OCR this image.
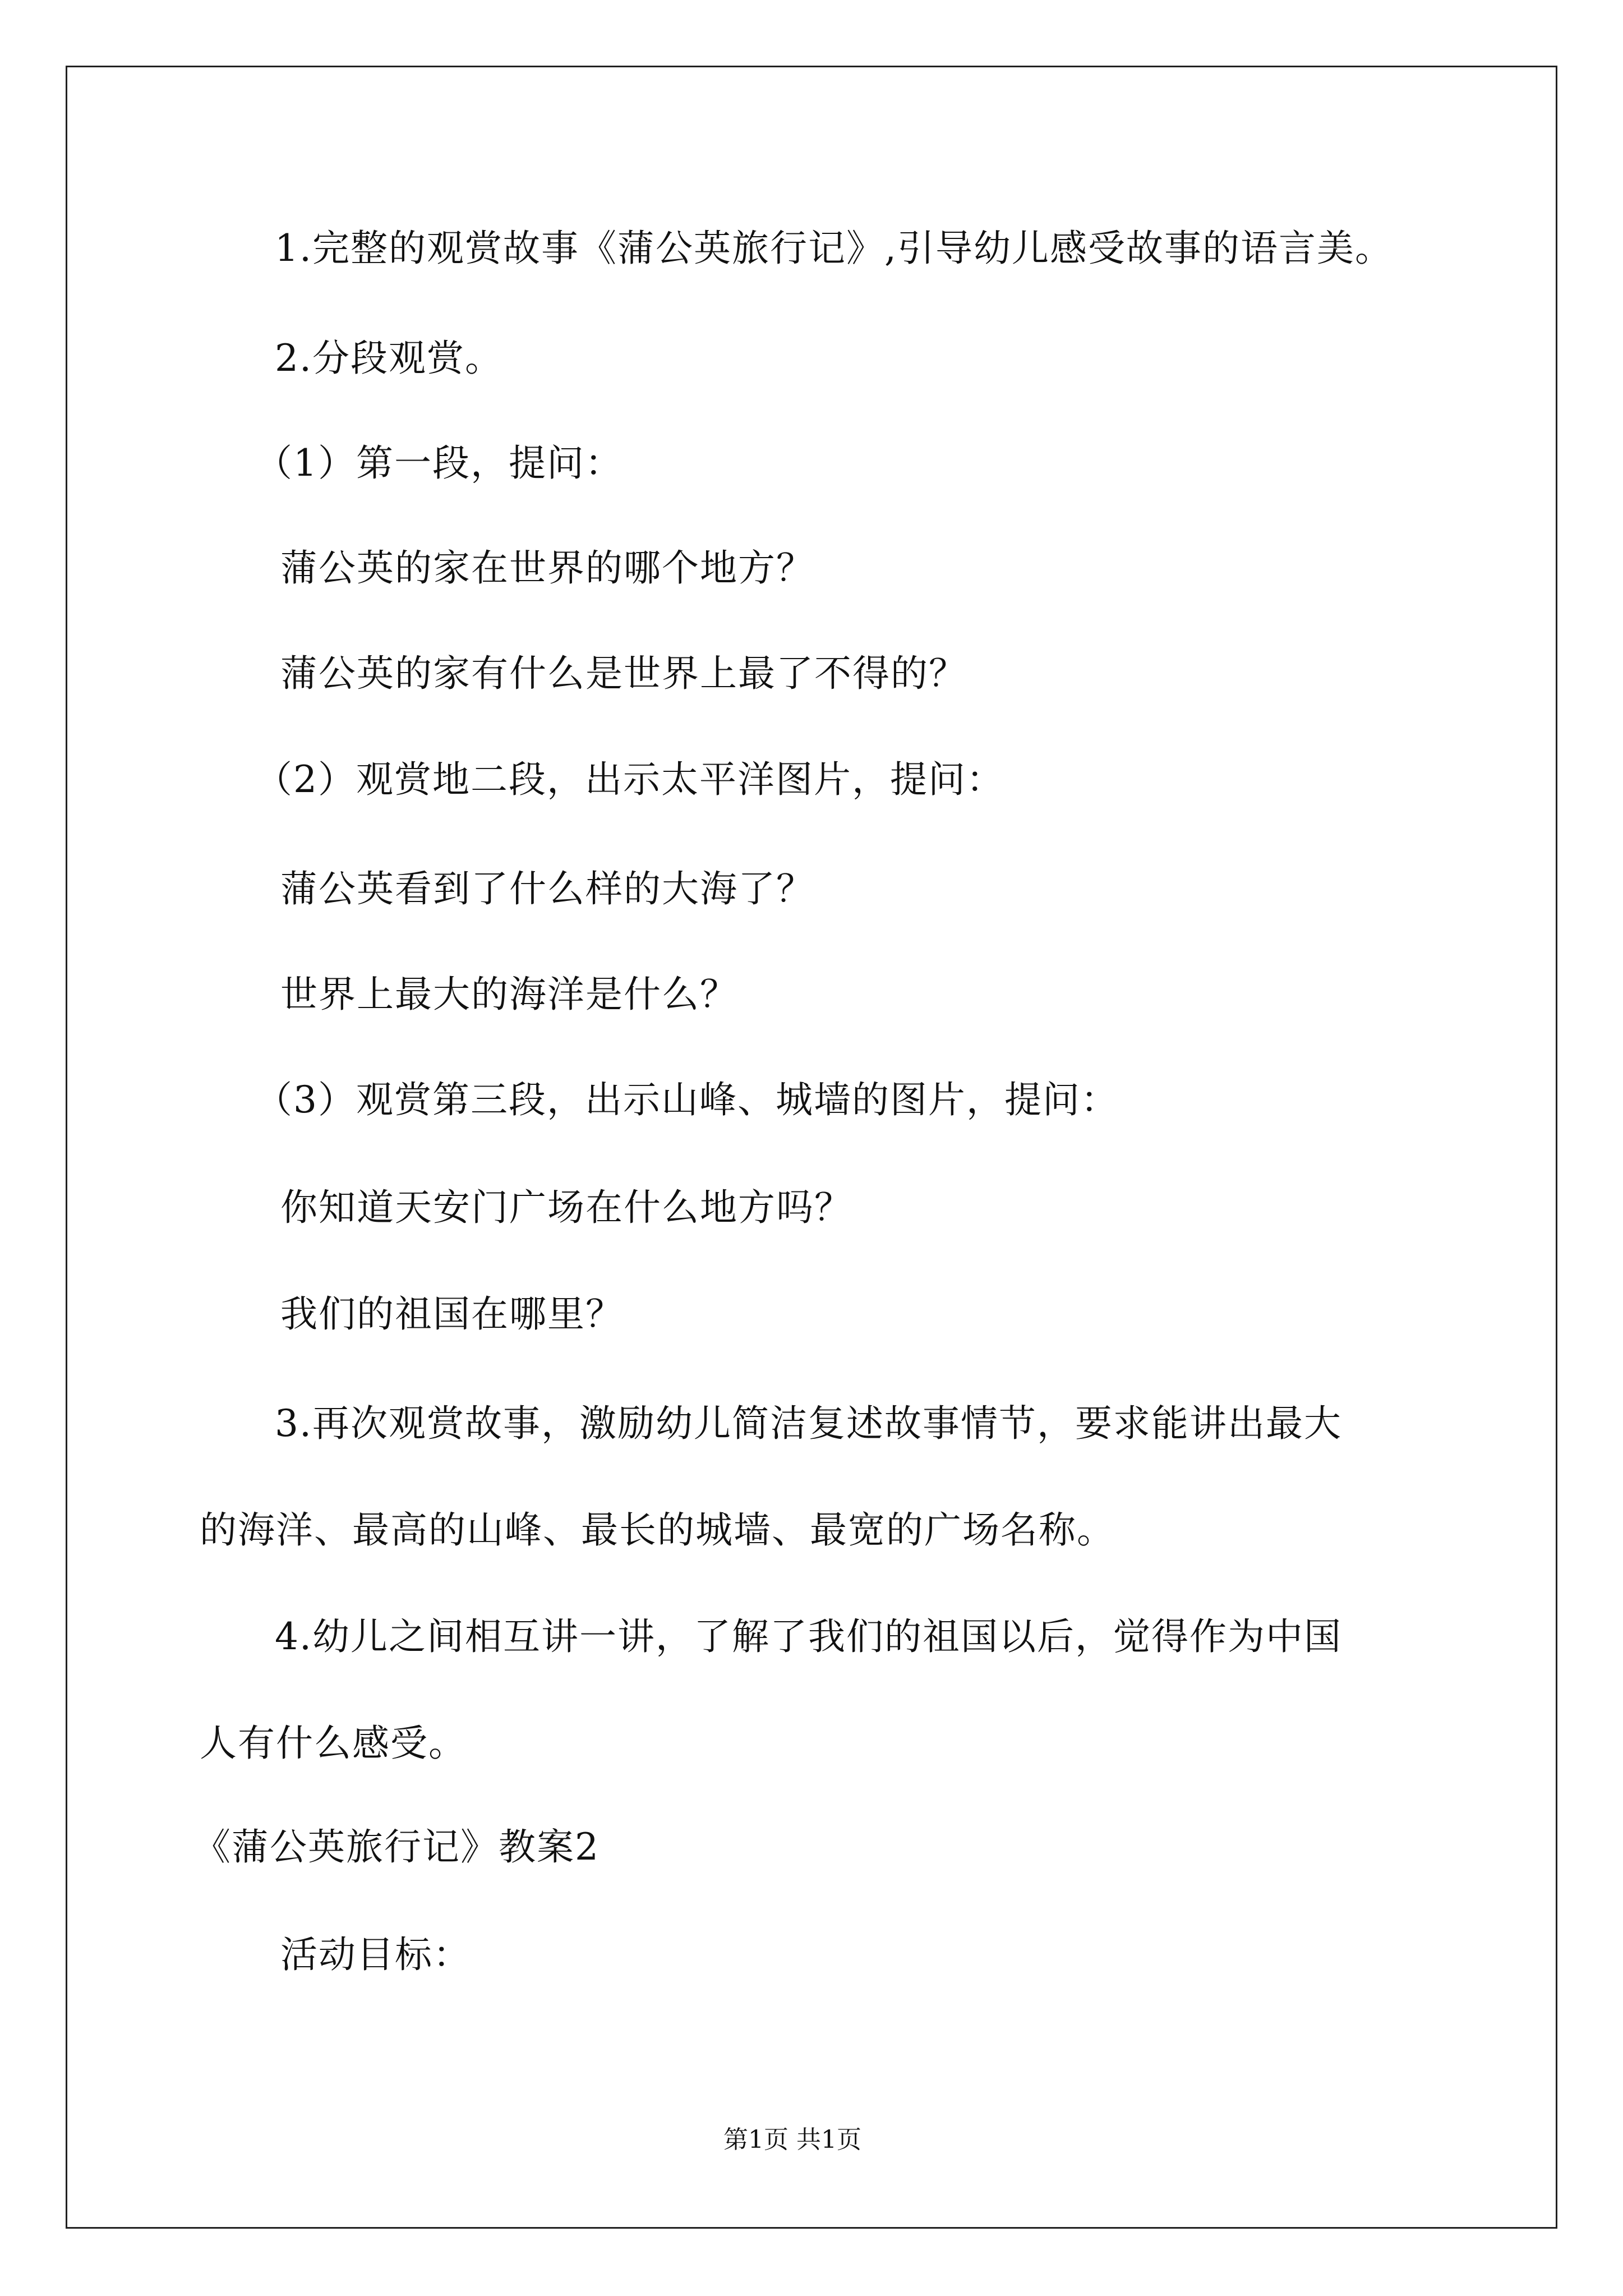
1.完整的观赏故事《蒲公英旅行记》,引导幼儿感受故事的语言美。
2.分段观赏。
（1）第一段，提问：
蒲公英的家在世界的哪个地方？
蒲公英的家有什么是世界上最了不得的？
（2）观赏地二段，出示太平洋图片，提问：
蒲公英看到了什么样的大海了？
世界上最大的海洋是什么？
（3）观赏第三段，出示山峰、城墙的图片，提问：
你知道天安门广场在什么地方吗？
我们的祖国在哪里？
3.再次观赏故事，激励幼儿简洁复述故事情节，要求能讲出最大
的海洋、最高的山峰、最长的城墙、最宽的广场名称。
4.幼儿之间相互讲一讲，了解了我们的祖国以后，觉得作为中国
人有什么感受。
《蒲公英旅行记》教案2
活动目标：
第1页 共1页
